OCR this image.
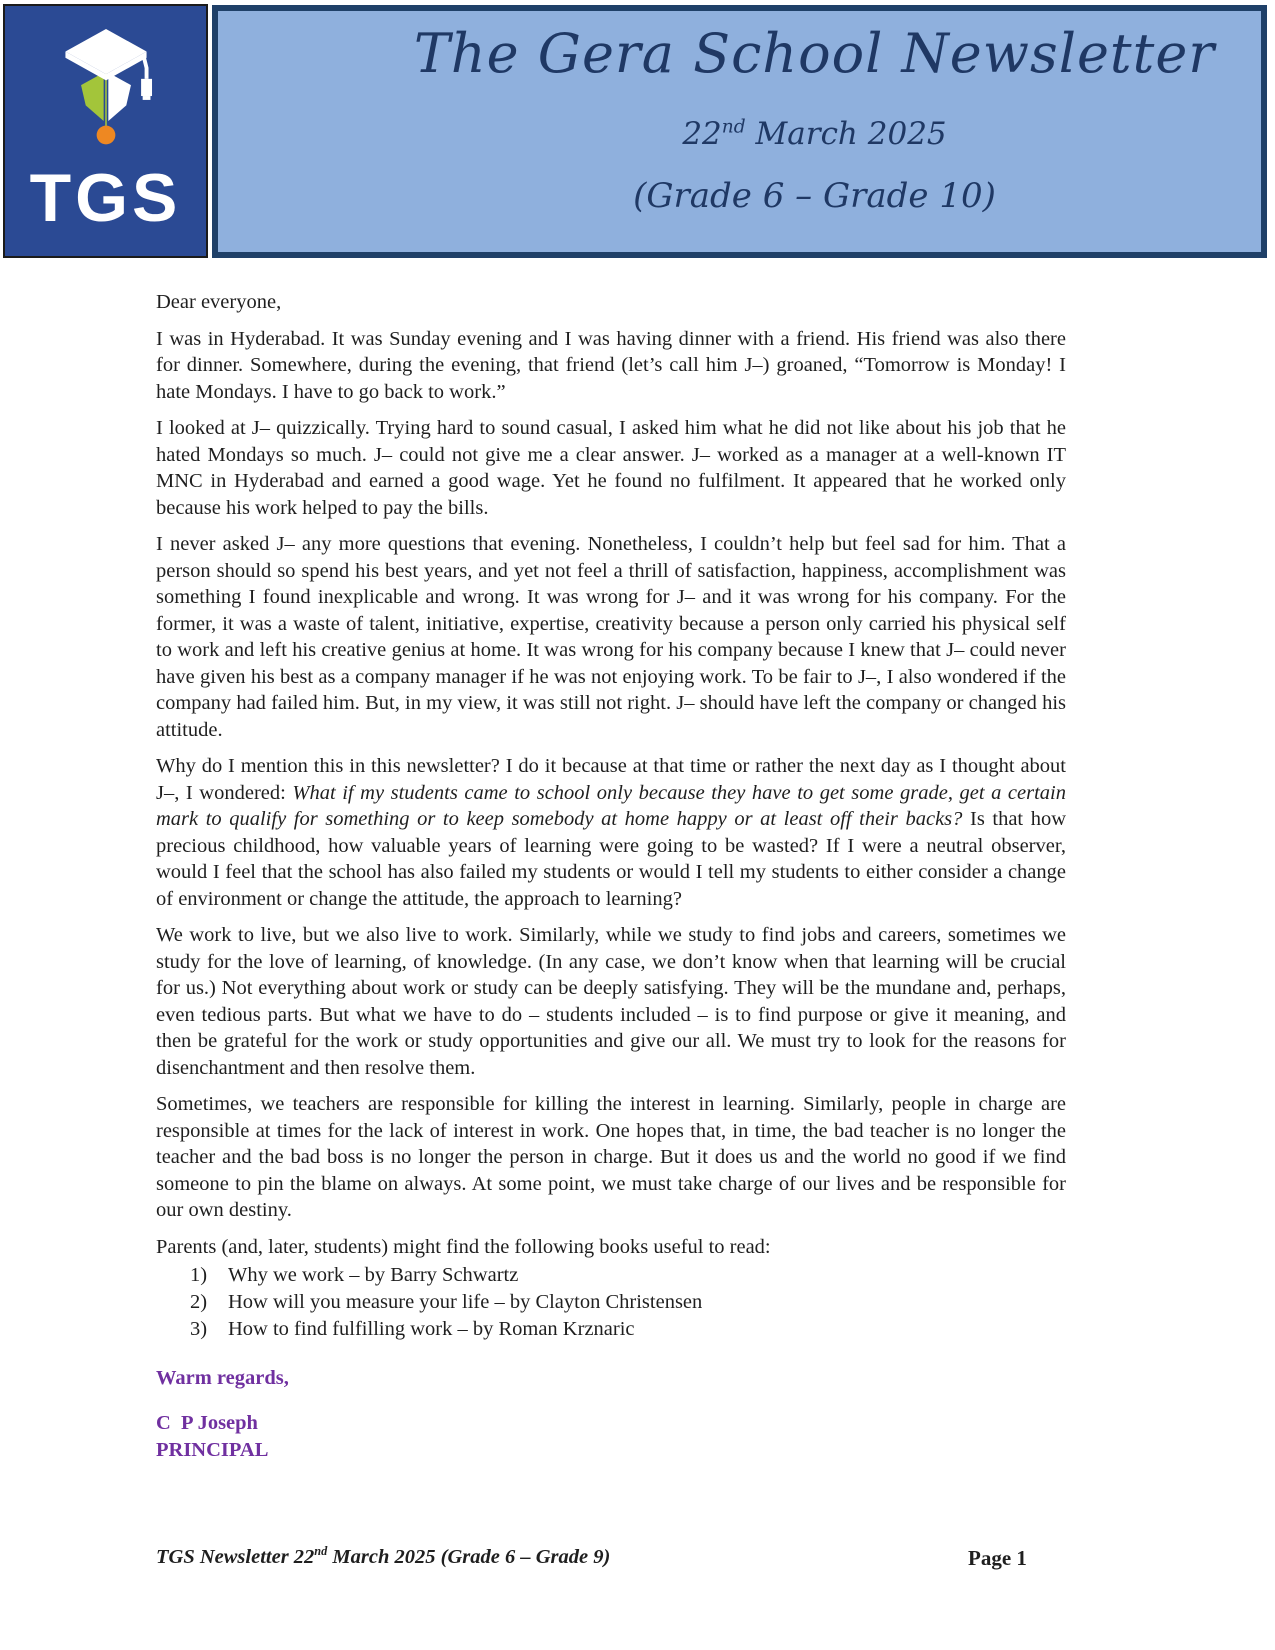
The Gera School Newsletter
22nd March 2025
(Grade 6 – Grade 10)
TGS

Dear everyone,

I was in Hyderabad. It was Sunday evening and I was having dinner with a friend. His friend was also there for dinner. Somewhere, during the evening, that friend (let’s call him J–) groaned, “Tomorrow is Monday! I hate Mondays. I have to go back to work.”

I looked at J– quizzically. Trying hard to sound casual, I asked him what he did not like about his job that he hated Mondays so much. J– could not give me a clear answer. J– worked as a manager at a well-known IT MNC in Hyderabad and earned a good wage. Yet he found no fulfilment. It appeared that he worked only because his work helped to pay the bills.

I never asked J– any more questions that evening. Nonetheless, I couldn’t help but feel sad for him. That a person should so spend his best years, and yet not feel a thrill of satisfaction, happiness, accomplishment was something I found inexplicable and wrong. It was wrong for J– and it was wrong for his company. For the former, it was a waste of talent, initiative, expertise, creativity because a person only carried his physical self to work and left his creative genius at home. It was wrong for his company because I knew that J– could never have given his best as a company manager if he was not enjoying work. To be fair to J–, I also wondered if the company had failed him. But, in my view, it was still not right. J– should have left the company or changed his attitude.

Why do I mention this in this newsletter? I do it because at that time or rather the next day as I thought about J–, I wondered: What if my students came to school only because they have to get some grade, get a certain mark to qualify for something or to keep somebody at home happy or at least off their backs? Is that how precious childhood, how valuable years of learning were going to be wasted? If I were a neutral observer, would I feel that the school has also failed my students or would I tell my students to either consider a change of environment or change the attitude, the approach to learning?

We work to live, but we also live to work. Similarly, while we study to find jobs and careers, sometimes we study for the love of learning, of knowledge. (In any case, we don’t know when that learning will be crucial for us.) Not everything about work or study can be deeply satisfying. They will be the mundane and, perhaps, even tedious parts. But what we have to do – students included – is to find purpose or give it meaning, and then be grateful for the work or study opportunities and give our all. We must try to look for the reasons for disenchantment and then resolve them.

Sometimes, we teachers are responsible for killing the interest in learning. Similarly, people in charge are responsible at times for the lack of interest in work. One hopes that, in time, the bad teacher is no longer the teacher and the bad boss is no longer the person in charge. But it does us and the world no good if we find someone to pin the blame on always. At some point, we must take charge of our lives and be responsible for our own destiny.

Parents (and, later, students) might find the following books useful to read:

1)	Why we work – by Barry Schwartz
2)	How will you measure your life – by Clayton Christensen
3)	How to find fulfilling work – by Roman Krznaric

Warm regards,

C  P Joseph

PRINCIPAL

TGS Newsletter 22nd March 2025 (Grade 6 – Grade 9)	Page 1
